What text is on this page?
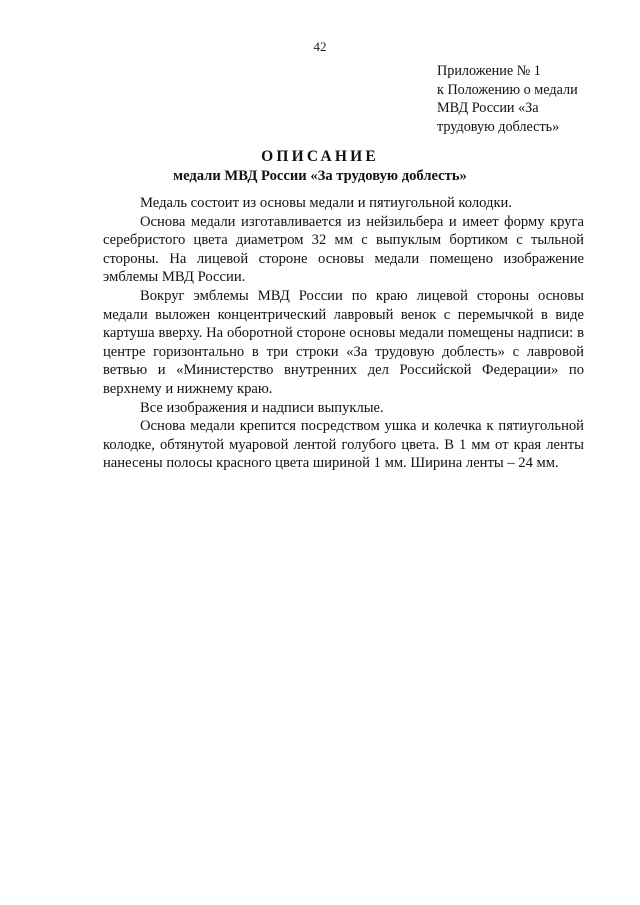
42
Приложение № 1
к Положению о медали
МВД России «За
трудовую доблесть»
ОПИСАНИЕ
медали МВД России «За трудовую доблесть»

Медаль состоит из основы медали и пятиугольной колодки.

Основа медали изготавливается из нейзильбера и имеет форму круга серебристого цвета диаметром 32 мм с выпуклым бортиком с тыльной стороны. На лицевой стороне основы медали помещено изображение эмблемы МВД России.

Вокруг эмблемы МВД России по краю лицевой стороны основы медали выложен концентрический лавровый венок с перемычкой в виде картуша вверху. На оборотной стороне основы медали помещены надписи: в центре горизонтально в три строки «За трудовую доблесть» с лавровой ветвью и «Министерство внутренних дел Российской Федерации» по верхнему и нижнему краю.

Все изображения и надписи выпуклые.

Основа медали крепится посредством ушка и колечка к пятиугольной колодке, обтянутой муаровой лентой голубого цвета. В 1 мм от края ленты нанесены полосы красного цвета шириной 1 мм. Ширина ленты – 24 мм.
